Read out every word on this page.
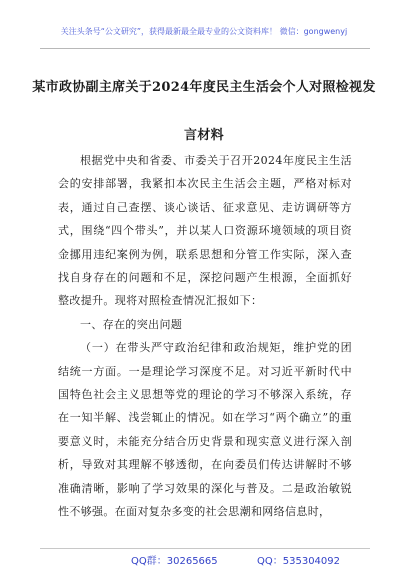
关注头条号“公文研究”，获得最新最全最专业的公文资料库！ 微信：gongwenyj
某市政协副主席关于2024年度民主生活会个人对照检视发
言材料

根据党中央和省委、市委关于召开2024年度民主生活会的安排部署，我紧扣本次民主生活会主题，严格对标对表，通过自己查摆、谈心谈话、征求意见、走访调研等方式，围绕“四个带头”，并以某人口资源环境领域的项目资金挪用违纪案例为例，联系思想和分管工作实际，深入查找自身存在的问题和不足，深挖问题产生根源，全面抓好整改提升。现将对照检查情况汇报如下：

一、存在的突出问题

（一）在带头严守政治纪律和政治规矩，维护党的团结统一方面。一是理论学习深度不足。对习近平新时代中国特色社会主义思想等党的理论的学习不够深入系统，存在一知半解、浅尝辄止的情况。如在学习“两个确立”的重要意义时，未能充分结合历史背景和现实意义进行深入剖析，导致对其理解不够透彻，在向委员们传达讲解时不够准确清晰，影响了学习效果的深化与普及。二是政治敏锐性不够强。在面对复杂多变的社会思潮和网络信息时，

QQ群：30265665	QQ：535304092
